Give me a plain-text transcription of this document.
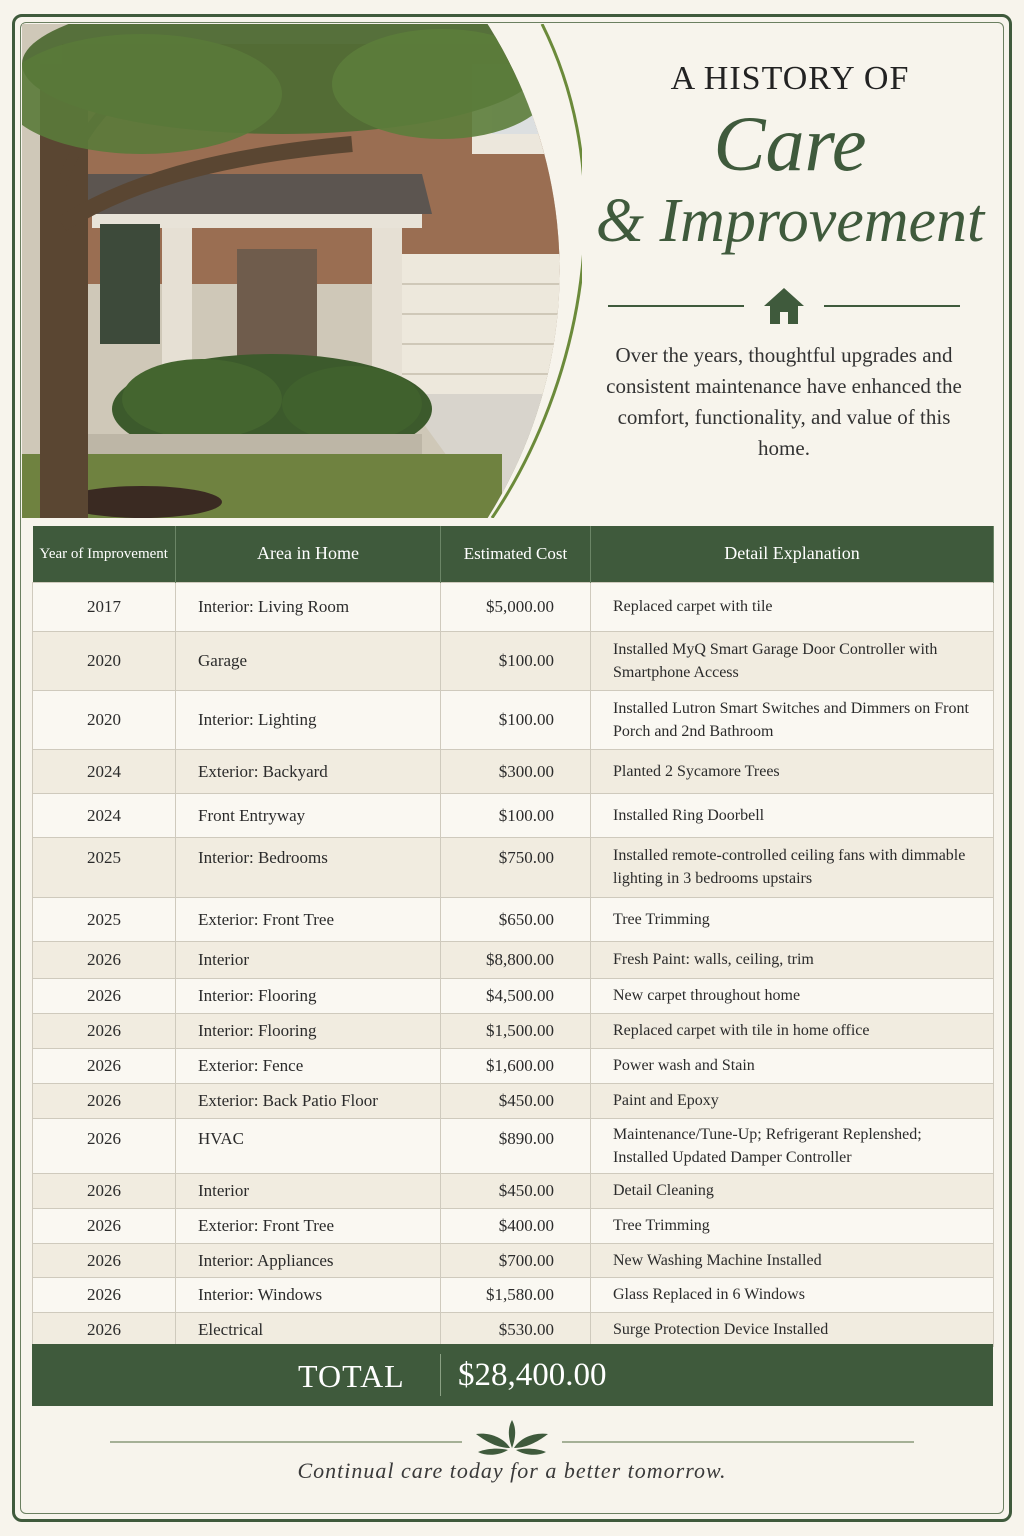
A HISTORY OF
Care
& Improvement
Over the years, thoughtful upgrades and consistent maintenance have enhanced the comfort, functionality, and value of this home.
Year of Improvement	Area in Home	Estimated Cost	Detail Explanation
2017	Interior: Living Room	$5,000.00	Replaced carpet with tile
2020	Garage	$100.00	Installed MyQ Smart Garage Door Controller with Smartphone Access
2020	Interior: Lighting	$100.00	Installed Lutron Smart Switches and Dimmers on Front Porch and 2nd Bathroom
2024	Exterior: Backyard	$300.00	Planted 2 Sycamore Trees
2024	Front Entryway	$100.00	Installed Ring Doorbell
2025	Interior: Bedrooms	$750.00	Installed remote-controlled ceiling fans with dimmable lighting in 3 bedrooms upstairs
2025	Exterior: Front Tree	$650.00	Tree Trimming
2026	Interior	$8,800.00	Fresh Paint: walls, ceiling, trim
2026	Interior: Flooring	$4,500.00	New carpet throughout home
2026	Interior: Flooring	$1,500.00	Replaced carpet with tile in home office
2026	Exterior: Fence	$1,600.00	Power wash and Stain
2026	Exterior: Back Patio Floor	$450.00	Paint and Epoxy
2026	HVAC	$890.00	Maintenance/Tune-Up; Refrigerant Replenshed; Installed Updated Damper Controller
2026	Interior	$450.00	Detail Cleaning
2026	Exterior: Front Tree	$400.00	Tree Trimming
2026	Interior: Appliances	$700.00	New Washing Machine Installed
2026	Interior: Windows	$1,580.00	Glass Replaced in 6 Windows
2026	Electrical	$530.00	Surge Protection Device Installed
TOTAL $28,400.00
Continual care today for a better tomorrow.
